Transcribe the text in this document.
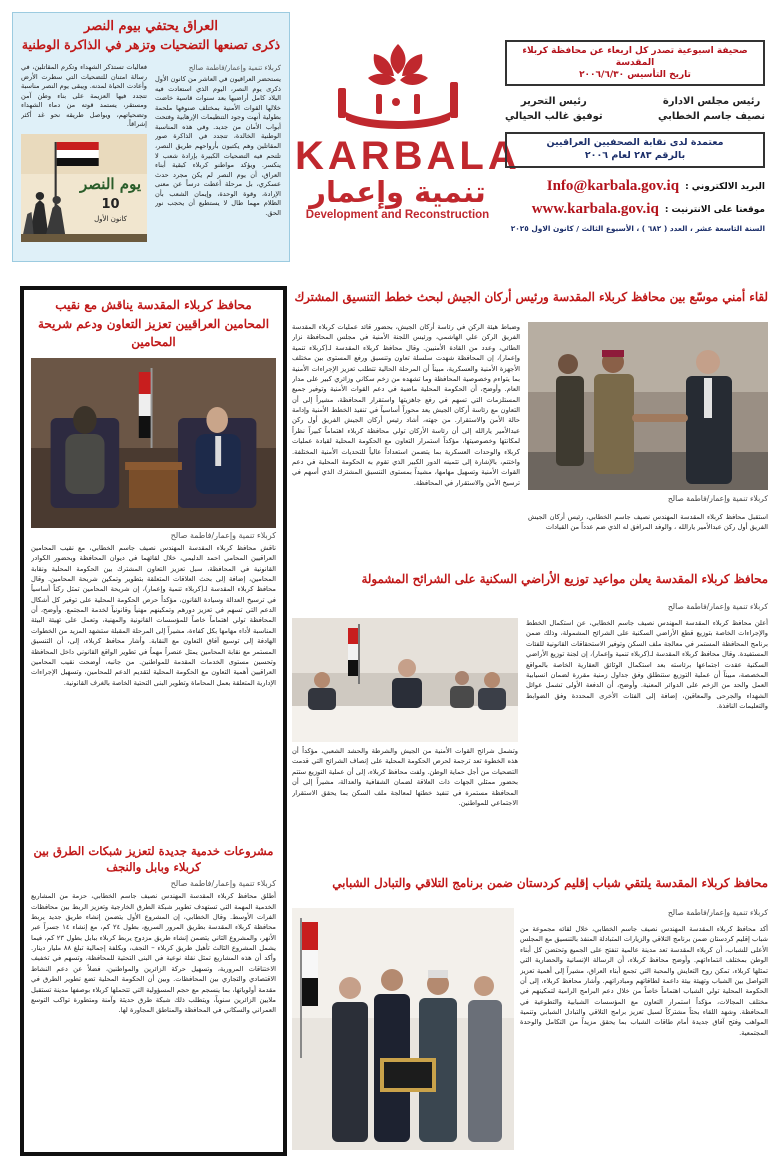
العراق يحتفي بيوم النصر
ذكرى تصنعها التضحيات وتزهر في الذاكرة الوطنية
كربلاء تنمية وإعمار/فاطمة صالح
يستحضر العراقيون في العاشر من كانون الأول ذكرى يوم النصر، اليوم الذي استعادت فيه البلاد كامل أراضيها بعد سنوات قاسية خاضت خلالها القوات الأمنية بمختلف صنوفها ملحمة بطولية أنهت وجود التنظيمات الإرهابية وفتحت أبواب الأمان من جديد. وفي هذه المناسبة الوطنية الخالدة، تتجدد في الذاكرة صور المقاتلين وهم يكتبون بأرواحهم طريق النصر، تلتحم فيه التضحيات الكبيرة بإرادة شعب لا ينكسر. ويؤكد مواطنو كربلاء كبقية أبناء العراق، أن يوم النصر لم يكن مجرد حدث عسكري، بل مرحلة أعطت درساً عن معنى الإرادة، وقوة الوحدة، وإيمان الشعب بأن الظلام مهما طال لا يستطيع أن يحجب نور الحق.
فعاليات تستذكر الشهداء وتكرم المقاتلين، في رسالة امتنان للتضحيات التي سطرت الأرض وأعادت الحياة لمدنه. ويبقى يوم النصر مناسبة تتجدد فيها العزيمة على بناء وطن آمن ومستقر، يستمد قوته من دماء الشهداء وتضحياتهم، ويواصل طريقه نحو غد أكثر إشراقاً.
يوم النصر
10
كانون الأول
KARBALA
تنمية وإعمار
Development and Reconstruction
صحيفة اسبوعية تصدر كل اربعاء عن محافظة كربلاء المقدسة
تاريخ التأسيس ٢٠٠٦/٦/٣٠
رئيس مجلس الادارة
نصيف جاسم الخطابي
رئيس التحرير
توفيق غالب الحيالي
معتمدة لدى نقابة الصحفيين العراقيين
بالرقم ٢٨٣ لعام ٢٠٠٦
البريد الالكتروني :
Info@karbala.gov.iq
موقعنا على الانترنيت :
www.karbala.gov.iq
السنة التاسعة عشر ، العدد ( ٦٨٢ ) ، الأسبوع الثالث / كانون الاول ٢٠٢٥
محافظ كربلاء المقدسة يناقش مع نقيب المحامين العراقيين تعزيز التعاون ودعم شريحة المحامين
كربلاء تنمية وإعمار/فاطمة صالح
ناقش محافظ كربلاء المقدسة المهندس نصيف جاسم الخطابي، مع نقيب المحامين العراقيين المحامي احمد الدليمي، خلال لقائهما في ديوان المحافظة وبحضور الكوادر القانونية في المحافظة، سبل تعزيز التعاون المشترك بين الحكومة المحلية ونقابة المحامين، إضافة إلى بحث العلاقات المتعلقة بتطوير وتمكين شريحة المحامين. وقال محافظ كربلاء المقدسة لـ(كربلاء تنمية وإعمار)، إن شريحة المحامين تمثل ركناً أساسياً في ترسيخ العدالة وسيادة القانون، مؤكداً حرص الحكومة المحلية على توفير كل أشكال الدعم التي تسهم في تعزيز دورهم وتمكينهم مهنياً وقانونياً لخدمة المجتمع. وأوضح، أن المحافظة تولي اهتماماً خاصاً للمؤسسات القانونية والمهنية، وتعمل على تهيئة البيئة المناسبة لأداء مهامها بكل كفاءة، مشيراً إلى المرحلة المقبلة ستشهد المزيد من الخطوات الهادفة إلى توسيع آفاق التعاون مع النقابة. وأشار محافظ كربلاء، إلى، أن التنسيق المستمر مع نقابة المحامين يمثل عنصراً مهماً في تطوير الواقع القانوني داخل المحافظة وتحسين مستوى الخدمات المقدمة للمواطنين. من جانبه، أوضحت نقيب المحامين العراقيين أهمية التعاون مع الحكومة المحلية لتقديم الدعم للمحامين، وتسهيل الإجراءات الإدارية المتعلقة بعمل المحاماة وتطوير البنى التحتية الخاصة بالغرف القانونية.
مشروعات خدمية جديدة لتعزيز شبكات الطرق بين كربلاء وبابل والنجف
كربلاء تنمية وإعمار/فاطمة صالح
أطلق محافظ كربلاء المقدسة المهندس نصيف جاسم الخطابي، حزمة من المشاريع الخدمية المهمة التي تستهدف تطوير شبكة الطرق الخارجية وتعزيز الربط بين محافظات الفرات الأوسط. وقال الخطابي، إن المشروع الأول يتضمن إنشاء طريق جديد يربط محافظة كربلاء المقدسة بطريق المرور السريع، بطول ٢٤ كم، مع إنشاء ١٤ جسراً عبر الأنهر، والمشروع الثاني يتضمن إنشاء طريق مزدوج يربط كربلاء ببابل بطول ٢٣ كم، فيما يشمل المشروع الثالث تأهيل طريق كربلاء – النجف، وبكلفة إجمالية تبلغ ٨٨ مليار دينار. وأكد أن هذه المشاريع تمثل نقلة نوعية في البنى التحتية للمحافظة، وتسهم في تخفيف الاختناقات المرورية، وتسهيل حركة الزائرين والمواطنين، فضلاً عن دعم النشاط الاقتصادي والتجاري بين المحافظات. وبين أن الحكومة المحلية تضع تطوير الطرق في مقدمة أولوياتها، بما ينسجم مع حجم المسؤولية التي تتحملها كربلاء بوصفها مدينة تستقبل ملايين الزائرين سنوياً، ويتطلب ذلك شبكة طرق حديثة وآمنة ومتطورة تواكب التوسع العمراني والسكاني في المحافظة والمناطق المجاورة لها.
لقاء أمني موسّع بين محافظ كربلاء المقدسة ورئيس أركان الجيش لبحث خطط التنسيق المشترك
كربلاء تنمية وإعمار/فاطمة صالح
استقبل محافظ كربلاء المقدسة المهندس نصيف جاسم الخطابي، رئيس أركان الجيش الفريق أول ركن عبدالأمير يارالله ، والوفد المرافق له الذي ضم عدداً من القيادات
وضباط هيئة الركن في رئاسة أركان الجيش، بحضور قائد عمليات كربلاء المقدسة الفريق الركن علي الهاشمي، ورئيس اللجنة الأمنية في مجلس المحافظة نزار الطائي، وعدد من القادة الأمنيين. وقال محافظ كربلاء المقدسة لـ(كربلاء تنمية وإعمار)، إن المحافظة شهدت سلسلة تعاون وتنسيق ورفع المستوى بين مختلف الأجهزة الأمنية والعسكرية، مبيناً أن المرحلة الحالية تتطلب تعزيز الإجراءات الأمنية بما يتواءم وخصوصية المحافظة وما تشهده من زخم سكاني وزائري كبير على مدار العام. وأوضح، أن الحكومة المحلية ماضية في دعم القوات الأمنية وتوفير جميع المستلزمات التي تسهم في رفع جاهزيتها واستقرار المحافظة، مشيراً إلى أن التعاون مع رئاسة أركان الجيش يعد محوراً أساسياً في تنفيذ الخطط الأمنية وإدامة حالة الأمن والاستقرار. من جهته، أشاد رئيس أركان الجيش الفريق أول ركن عبدالأمير يارالله إلى أن رئاسة الأركان تولي محافظة كربلاء اهتماماً كبيراً نظراً لمكانتها وخصوصيتها، مؤكداً استمرار التعاون مع الحكومة المحلية لقيادة عمليات كربلاء والوحدات العسكرية بما يتضمن استعداداً عالياً للتحديات الأمنية المختلفة. واختتم، بالإشارة إلى تثمينه الدور الكبير الذي تقوم به الحكومة المحلية في دعم القوات الأمنية وتسهيل مهامها، مشيداً بمستوى التنسيق المشترك الذي أسهم في ترسيخ الأمن والاستقرار في المحافظة.
محافظ كربلاء المقدسة يعلن مواعيد توزيع الأراضي السكنية على الشرائح المشمولة
كربلاء تنمية وإعمار/فاطمة صالح
أعلن محافظ كربلاء المقدسة المهندس نصيف جاسم الخطابي، عن استكمال الخطط والإجراءات الخاصة بتوزيع قطع الأراضي السكنية على الشرائح المشمولة، وذلك ضمن برنامج المحافظة المستمر في معالجة ملف السكن وتوفير الاستحقاقات القانونية للفئات المستفيدة. وقال محافظ كربلاء المقدسة لـ(كربلاء تنمية وإعمار)، إن لجنة توزيع الأراضي السكنية عقدت اجتماعها برئاسته بعد استكمال الوثائق العقارية الخاصة بالمواقع المخصصة، مبيناً أن عملية التوزيع ستنطلق وفق جداول زمنية مقررة لضمان انسيابية العمل والحد من الزخم على الدوائر المعنية. وأوضح، أن الدفعة الأولى تشمل عوائل الشهداء والجرحى والمعاقين، إضافة إلى الفئات الأخرى المحددة وفق الضوابط والتعليمات النافذة.
وتشمل شرائح القوات الأمنية من الجيش والشرطة والحشد الشعبي، مؤكداً أن هذه الخطوة تعد ترجمة لحرص الحكومة المحلية على إنصاف الشرائح التي قدمت التضحيات من أجل حماية الوطن. ولفت محافظ كربلاء، إلى أن عملية التوزيع ستتم بحضور ممثلي الجهات ذات العلاقة لضمان الشفافية والعدالة، مشيراً إلى أن المحافظة مستمرة في تنفيذ خطتها لمعالجة ملف السكن بما يحقق الاستقرار الاجتماعي للمواطنين.
محافظ كربلاء المقدسة يلتقي شباب إقليم كردستان ضمن برنامج التلاقي والتبادل الشبابي
كربلاء تنمية وإعمار/فاطمة صالح
أكد محافظ كربلاء المقدسة المهندس نصيف جاسم الخطابي، خلال لقائه مجموعة من شباب إقليم كردستان ضمن برنامج التلاقي والزيارات المتبادلة المنفذ بالتنسيق مع المجلس الأعلى للشباب، أن كربلاء المقدسة تعد مدينة عالمية تنفتح على الجميع وتحتضن كل أبناء الوطن بمختلف انتماءاتهم. وأوضح محافظ كربلاء، أن الرسالة الإنسانية والحضارية التي تمثلها كربلاء، تمكن روح التعايش والمحبة التي تجمع أبناء العراق، مشيراً إلى أهمية تعزيز التواصل بين الشباب وتهيئة بيئة داعمة لطاقاتهم ومبادراتهم. وأشار محافظ كربلاء، إلى أن الحكومة المحلية تولي الشباب اهتماماً خاصاً من خلال دعم البرامج الرامية لتمكينهم في مختلف المجالات، مؤكداً استمرار التعاون مع المؤسسات الشبابية والتطوعية في المحافظة. وشهد اللقاء بحثاً مشتركاً لسبل تعزيز برامج التلاقي والتبادل الشبابي وتنمية المواهب وفتح آفاق جديدة أمام طاقات الشباب بما يحقق مزيداً من التكامل والوحدة المجتمعية.
